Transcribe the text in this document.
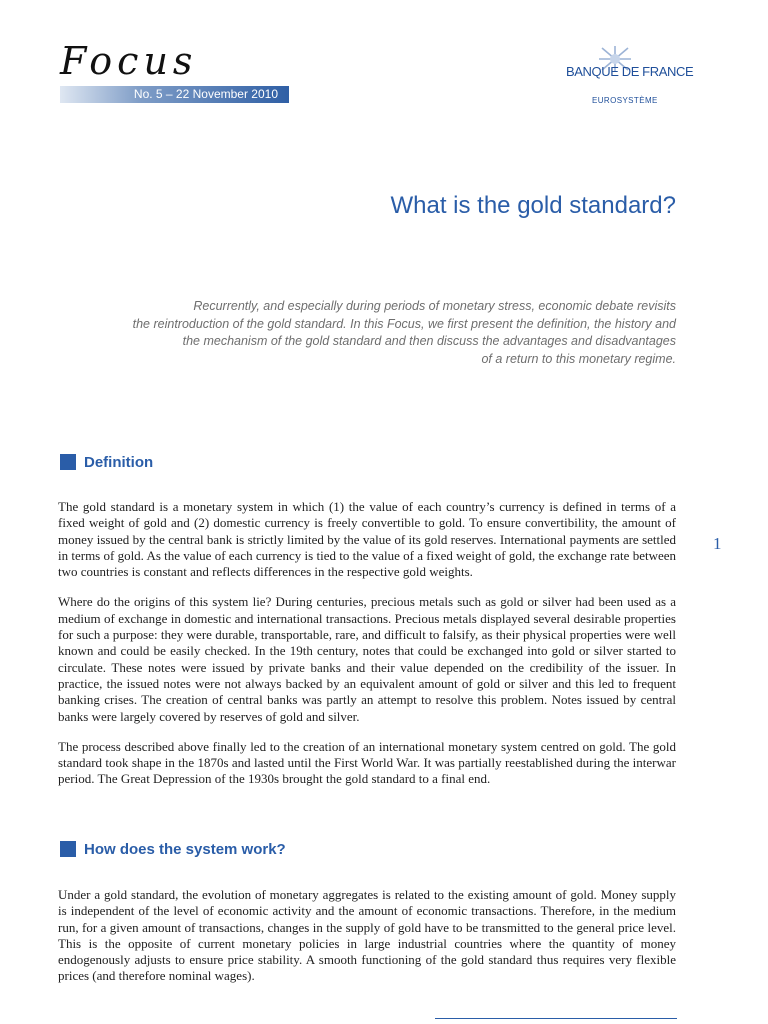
Focus
No. 5 – 22 November 2010
BANQUE DE FRANCE
EUROSYSTÈME
What is the gold standard?
Recurrently, and especially during periods of monetary stress, economic debate revisits
the reintroduction of the gold standard. In this Focus, we first present the definition, the history and
the mechanism of the gold standard and then discuss the advantages and disadvantages
of a return to this monetary regime.
Definition

The gold standard is a monetary system in which (1) the value of each country’s currency is defined in terms of a fixed weight of gold and (2) domestic currency is freely convertible to gold. To ensure convertibility, the amount of money issued by the central bank is strictly limited by the value of its gold reserves. International payments are settled in terms of gold. As the value of each currency is tied to the value of a fixed weight of gold, the exchange rate between two countries is constant and reflects differences in the respective gold weights.

Where do the origins of this system lie? During centuries, precious metals such as gold or silver had been used as a medium of exchange in domestic and international transactions. Precious metals displayed several desirable properties for such a purpose: they were durable, transportable, rare, and difficult to falsify, as their physical properties were well known and could be easily checked. In the 19th century, notes that could be exchanged into gold or silver started to circulate. These notes were issued by private banks and their value depended on the credibility of the issuer. In practice, the issued notes were not always backed by an equivalent amount of gold or silver and this led to frequent banking crises. The creation of central banks was partly an attempt to resolve this problem. Notes issued by central banks were largely covered by reserves of gold and silver.

The process described above finally led to the creation of an international monetary system centred on gold. The gold standard took shape in the 1870s and lasted until the First World War. It was partially reestablished during the interwar period. The Great Depression of the 1930s brought the gold standard to a final end.

1
How does the system work?

Under a gold standard, the evolution of monetary aggregates is related to the existing amount of gold. Money supply is independent of the level of economic activity and the amount of economic transactions. Therefore, in the medium run, for a given amount of transactions, changes in the supply of gold have to be transmitted to the general price level. This is the opposite of current monetary policies in large industrial countries where the quantity of money endogenously adjusts to ensure price stability. A smooth functioning of the gold standard thus requires very flexible prices (and therefore nominal wages).
